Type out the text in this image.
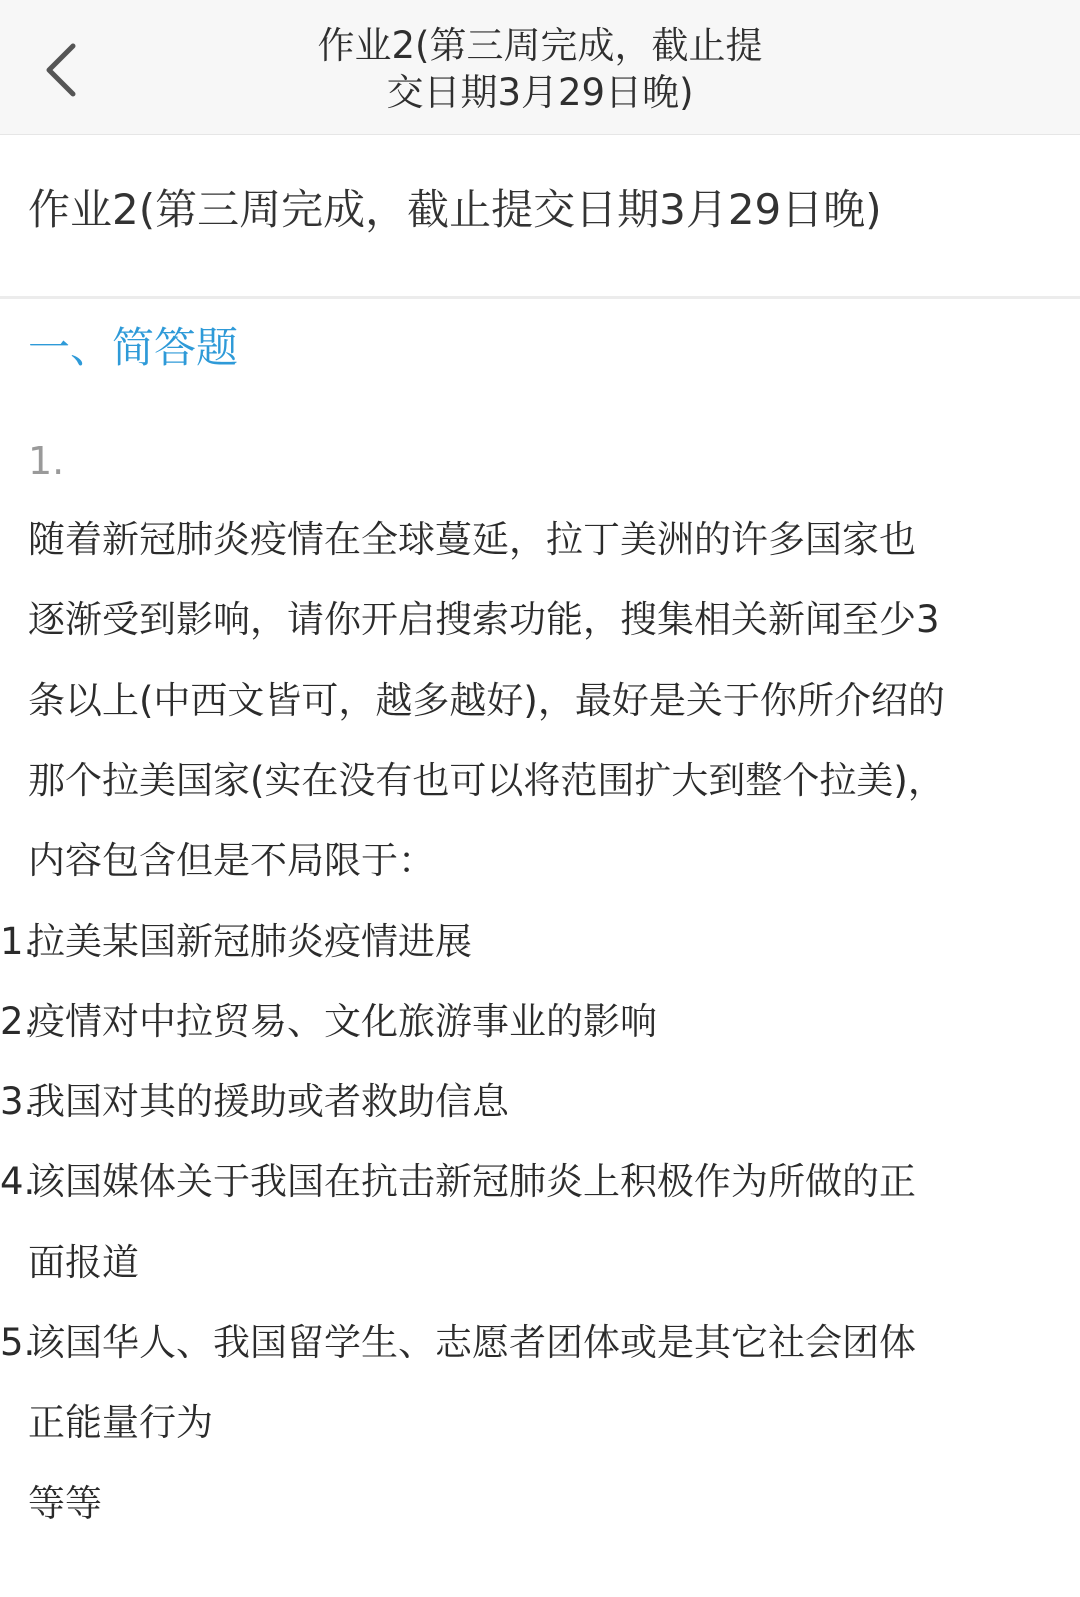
作业2(第三周完成，截止提
交日期3月29日晚)
作业2(第三周完成，截止提交日期3月29日晚)
一、简答题
1.
随着新冠肺炎疫情在全球蔓延，拉丁美洲的许多国家也
逐渐受到影响，请你开启搜索功能，搜集相关新闻至少3
条以上(中西文皆可，越多越好)，最好是关于你所介绍的
那个拉美国家(实在没有也可以将范围扩大到整个拉美)，
内容包含但是不局限于：
1.
拉美某国新冠肺炎疫情进展
2.
疫情对中拉贸易、文化旅游事业的影响
3.
我国对其的援助或者救助信息
4.
该国媒体关于我国在抗击新冠肺炎上积极作为所做的正
面报道
5.
该国华人、我国留学生、志愿者团体或是其它社会团体
正能量行为
等等
